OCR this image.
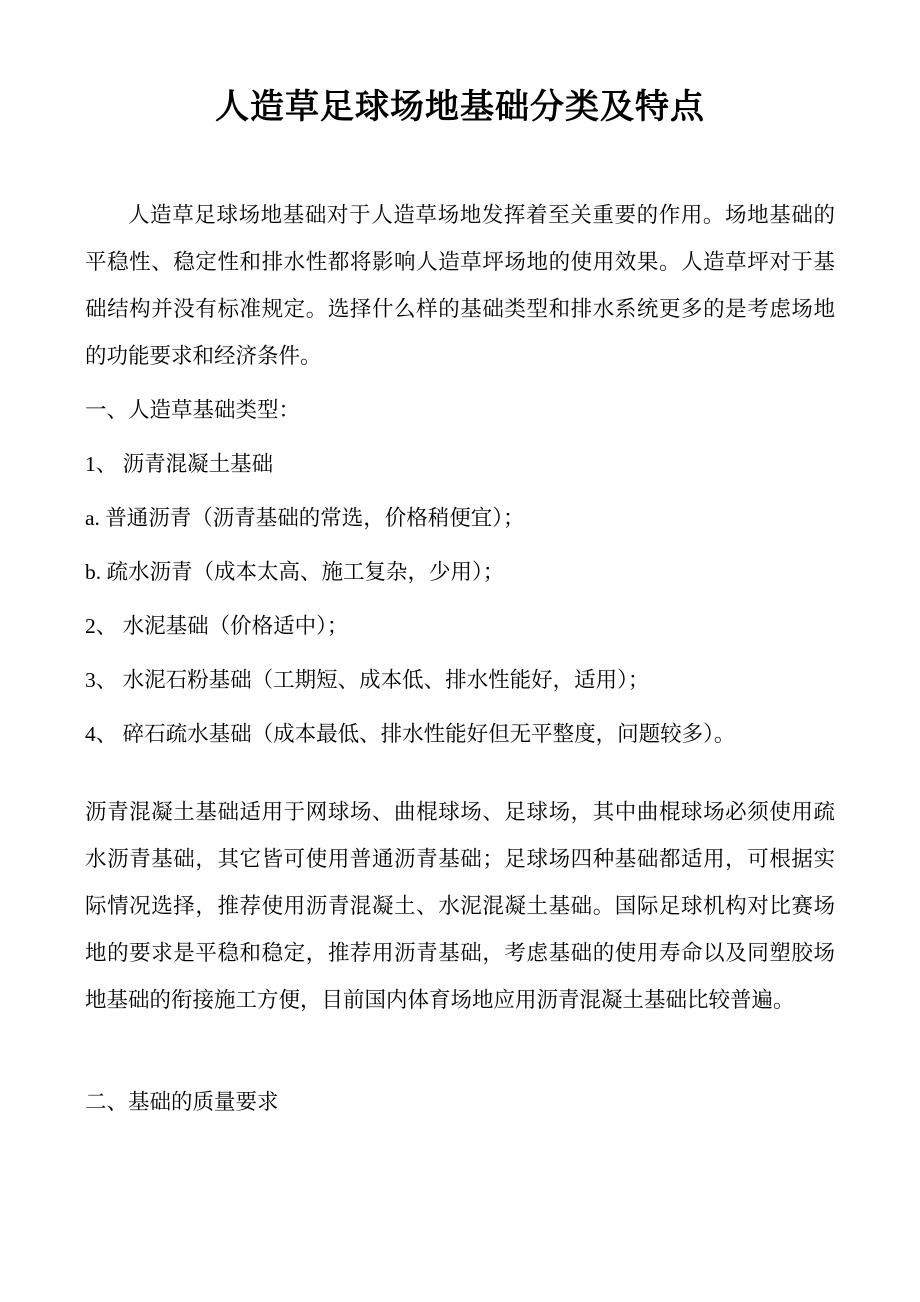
人造草足球场地基础分类及特点

人造草足球场地基础对于人造草场地发挥着至关重要的作用。场地基础的平稳性、稳定性和排水性都将影响人造草坪场地的使用效果。人造草坪对于基础结构并没有标准规定。选择什么样的基础类型和排水系统更多的是考虑场地的功能要求和经济条件。

一、人造草基础类型：

1、 沥青混凝土基础

a. 普通沥青（沥青基础的常选，价格稍便宜）；

b. 疏水沥青（成本太高、施工复杂，少用）；

2、 水泥基础（价格适中）；

3、 水泥石粉基础（工期短、成本低、排水性能好，适用）；

4、 碎石疏水基础（成本最低、排水性能好但无平整度，问题较多）。

沥青混凝土基础适用于网球场、曲棍球场、足球场，其中曲棍球场必须使用疏水沥青基础，其它皆可使用普通沥青基础；足球场四种基础都适用，可根据实际情况选择，推荐使用沥青混凝土、水泥混凝土基础。国际足球机构对比赛场地的要求是平稳和稳定，推荐用沥青基础，考虑基础的使用寿命以及同塑胶场地基础的衔接施工方便，目前国内体育场地应用沥青混凝土基础比较普遍。

二、基础的质量要求
